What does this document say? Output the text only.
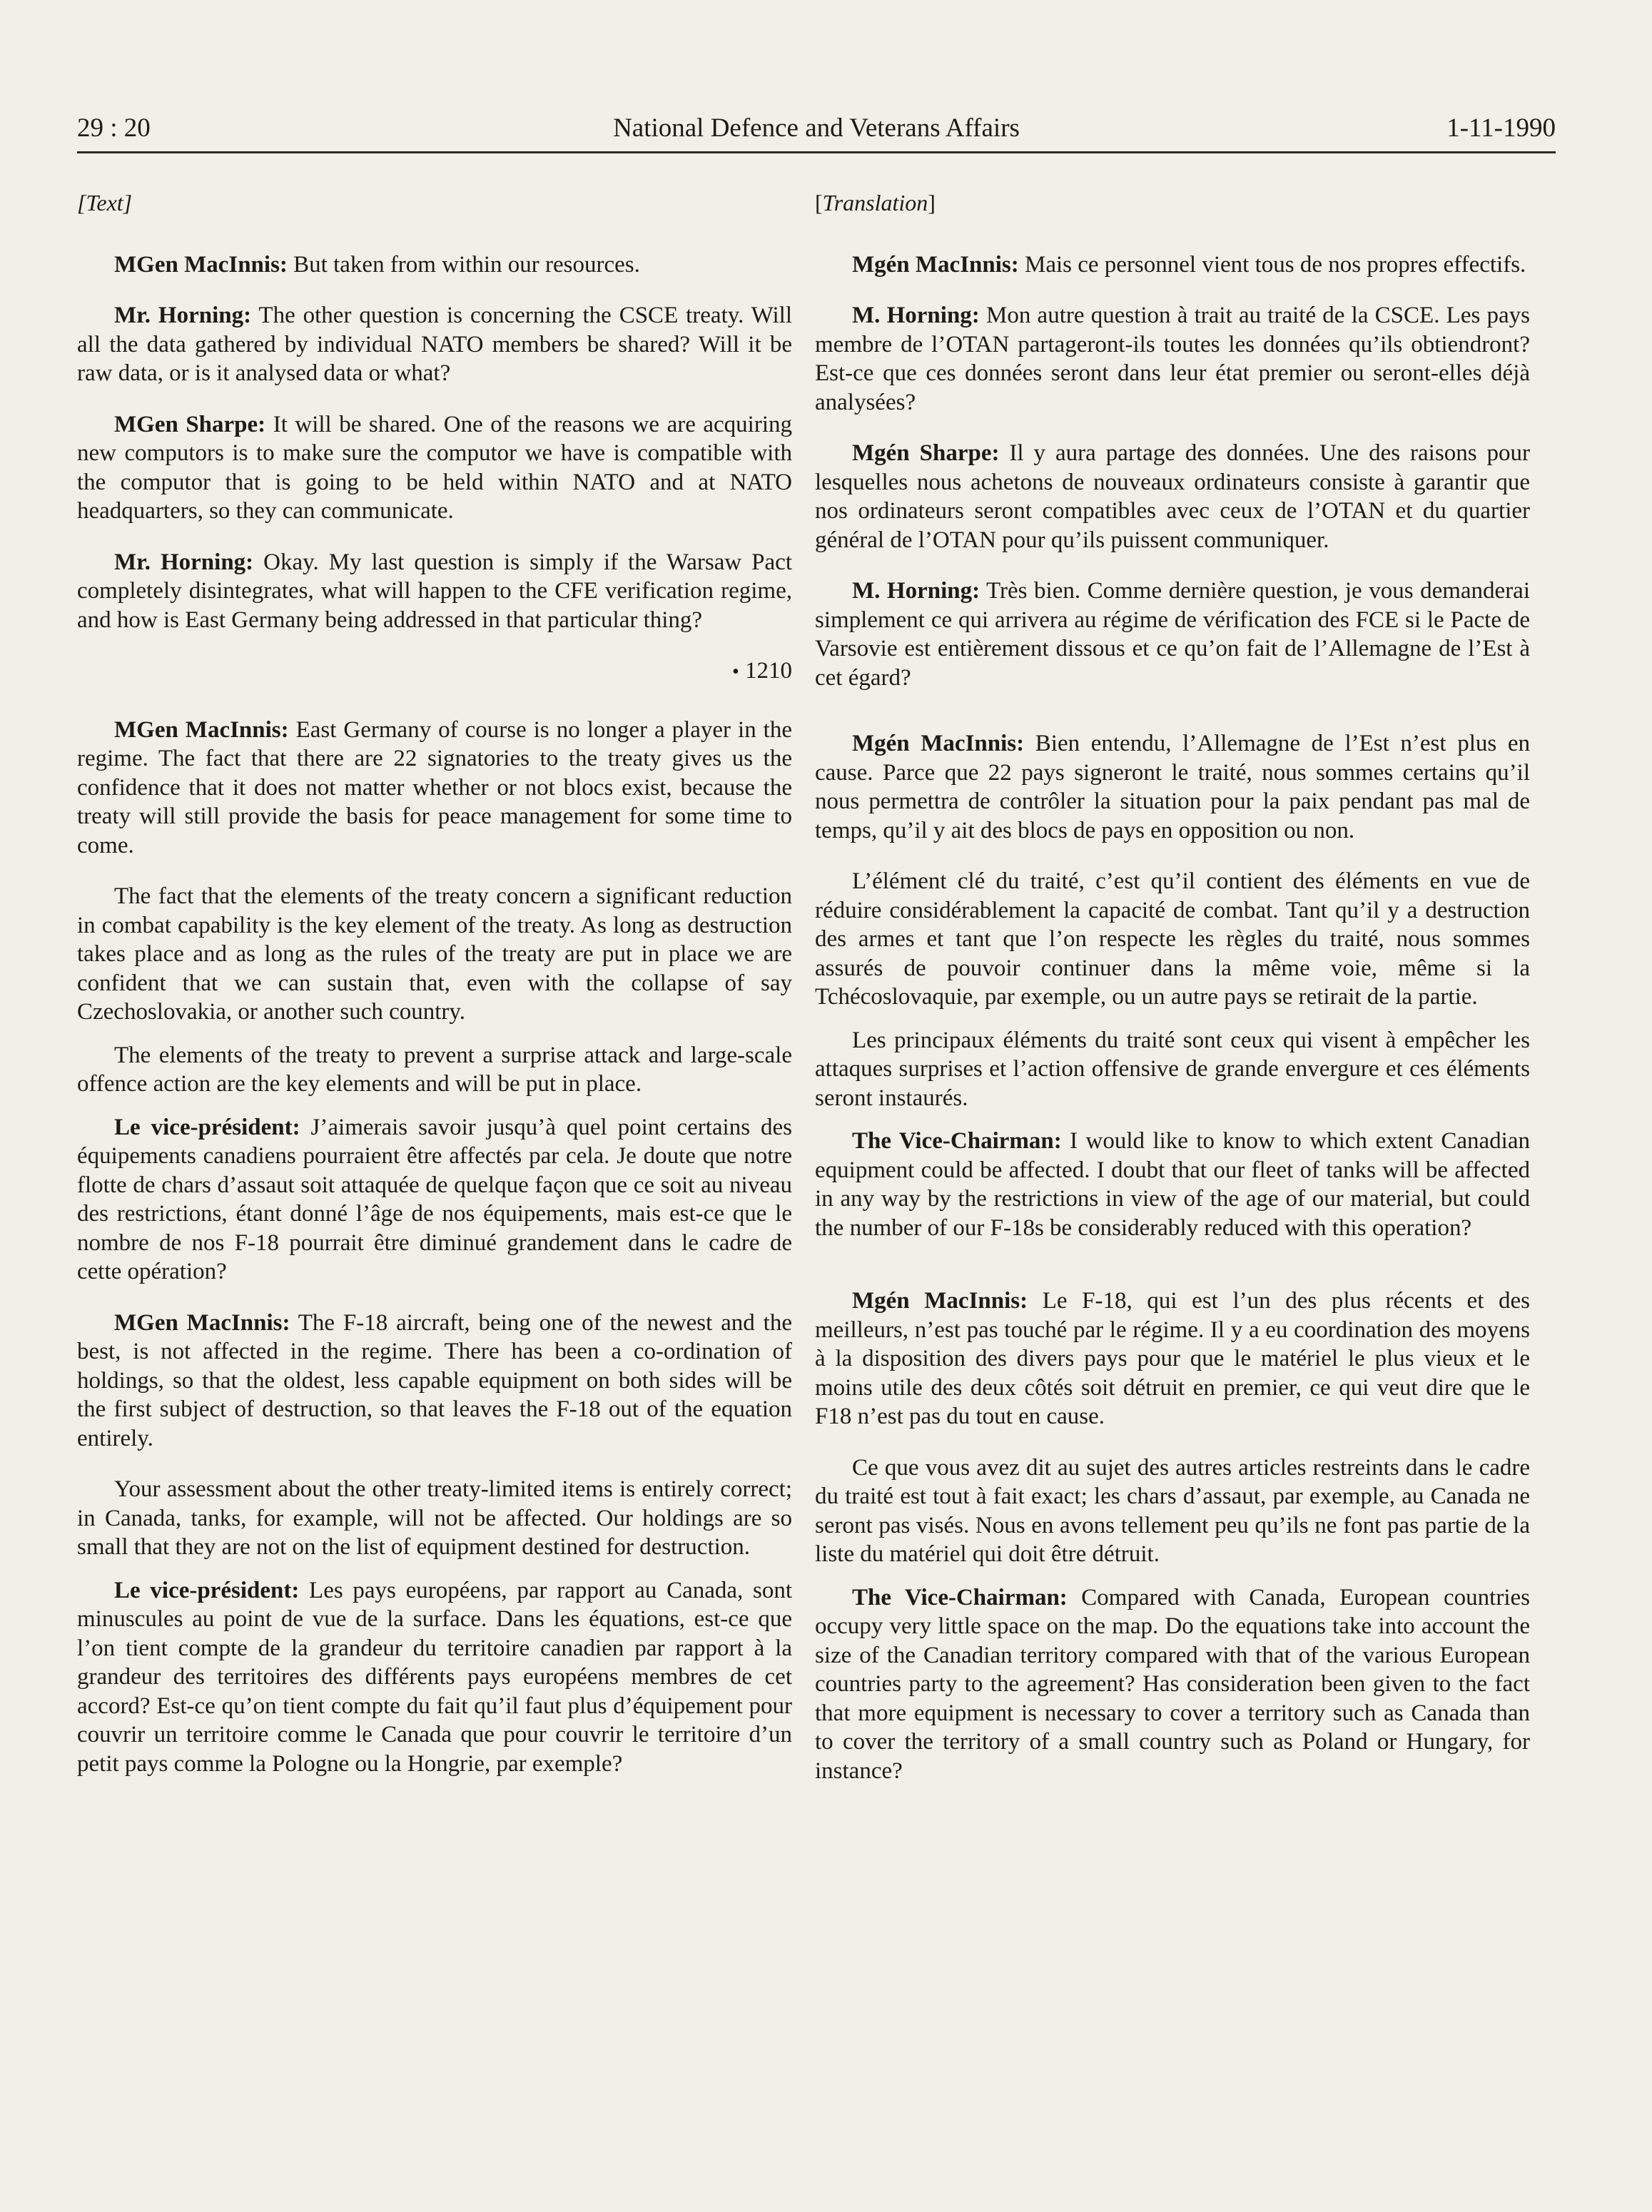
29 : 20	National Defence and Veterans Affairs	1-11-1990

[Text]

MGen MacInnis: But taken from within our resources.

Mr. Horning: The other question is concerning the CSCE treaty. Will all the data gathered by individual NATO members be shared? Will it be raw data, or is it analysed data or what?

MGen Sharpe: It will be shared. One of the reasons we are acquiring new computors is to make sure the computor we have is compatible with the computor that is going to be held within NATO and at NATO headquarters, so they can communicate.

Mr. Horning: Okay. My last question is simply if the Warsaw Pact completely disintegrates, what will happen to the CFE verification regime, and how is East Germany being addressed in that particular thing?

• 1210

MGen MacInnis: East Germany of course is no longer a player in the regime. The fact that there are 22 signatories to the treaty gives us the confidence that it does not matter whether or not blocs exist, because the treaty will still provide the basis for peace management for some time to come.

The fact that the elements of the treaty concern a significant reduction in combat capability is the key element of the treaty. As long as destruction takes place and as long as the rules of the treaty are put in place we are confident that we can sustain that, even with the collapse of say Czechoslovakia, or another such country.

The elements of the treaty to prevent a surprise attack and large-scale offence action are the key elements and will be put in place.

Le vice-président: J’aimerais savoir jusqu’à quel point certains des équipements canadiens pourraient être affectés par cela. Je doute que notre flotte de chars d’assaut soit attaquée de quelque façon que ce soit au niveau des restrictions, étant donné l’âge de nos équipements, mais est-ce que le nombre de nos F-18 pourrait être diminué grandement dans le cadre de cette opération?

MGen MacInnis: The F-18 aircraft, being one of the newest and the best, is not affected in the regime. There has been a co-ordination of holdings, so that the oldest, less capable equipment on both sides will be the first subject of destruction, so that leaves the F-18 out of the equation entirely.

Your assessment about the other treaty-limited items is entirely correct; in Canada, tanks, for example, will not be affected. Our holdings are so small that they are not on the list of equipment destined for destruction.

Le vice-président: Les pays européens, par rapport au Canada, sont minuscules au point de vue de la surface. Dans les équations, est-ce que l’on tient compte de la grandeur du territoire canadien par rapport à la grandeur des territoires des différents pays européens membres de cet accord? Est-ce qu’on tient compte du fait qu’il faut plus d’équipement pour couvrir un territoire comme le Canada que pour couvrir le territoire d’un petit pays comme la Pologne ou la Hongrie, par exemple?

[Translation]

Mgén MacInnis: Mais ce personnel vient tous de nos propres effectifs.

M. Horning: Mon autre question à trait au traité de la CSCE. Les pays membre de l’OTAN partageront-ils toutes les données qu’ils obtiendront? Est-ce que ces données seront dans leur état premier ou seront-elles déjà analysées?

Mgén Sharpe: Il y aura partage des données. Une des raisons pour lesquelles nous achetons de nouveaux ordinateurs consiste à garantir que nos ordinateurs seront compatibles avec ceux de l’OTAN et du quartier général de l’OTAN pour qu’ils puissent communiquer.

M. Horning: Très bien. Comme dernière question, je vous demanderai simplement ce qui arrivera au régime de vérification des FCE si le Pacte de Varsovie est entièrement dissous et ce qu’on fait de l’Allemagne de l’Est à cet égard?

Mgén MacInnis: Bien entendu, l’Allemagne de l’Est n’est plus en cause. Parce que 22 pays signeront le traité, nous sommes certains qu’il nous permettra de contrôler la situation pour la paix pendant pas mal de temps, qu’il y ait des blocs de pays en opposition ou non.

L’élément clé du traité, c’est qu’il contient des éléments en vue de réduire considérablement la capacité de combat. Tant qu’il y a destruction des armes et tant que l’on respecte les règles du traité, nous sommes assurés de pouvoir continuer dans la même voie, même si la Tchécoslovaquie, par exemple, ou un autre pays se retirait de la partie.

Les principaux éléments du traité sont ceux qui visent à empêcher les attaques surprises et l’action offensive de grande envergure et ces éléments seront instaurés.

The Vice-Chairman: I would like to know to which extent Canadian equipment could be affected. I doubt that our fleet of tanks will be affected in any way by the restrictions in view of the age of our material, but could the number of our F-18s be considerably reduced with this operation?

Mgén MacInnis: Le F-18, qui est l’un des plus récents et des meilleurs, n’est pas touché par le régime. Il y a eu coordination des moyens à la disposition des divers pays pour que le matériel le plus vieux et le moins utile des deux côtés soit détruit en premier, ce qui veut dire que le F18 n’est pas du tout en cause.

Ce que vous avez dit au sujet des autres articles restreints dans le cadre du traité est tout à fait exact; les chars d’assaut, par exemple, au Canada ne seront pas visés. Nous en avons tellement peu qu’ils ne font pas partie de la liste du matériel qui doit être détruit.

The Vice-Chairman: Compared with Canada, European countries occupy very little space on the map. Do the equations take into account the size of the Canadian territory compared with that of the various European countries party to the agreement? Has consideration been given to the fact that more equipment is necessary to cover a territory such as Canada than to cover the territory of a small country such as Poland or Hungary, for instance?
